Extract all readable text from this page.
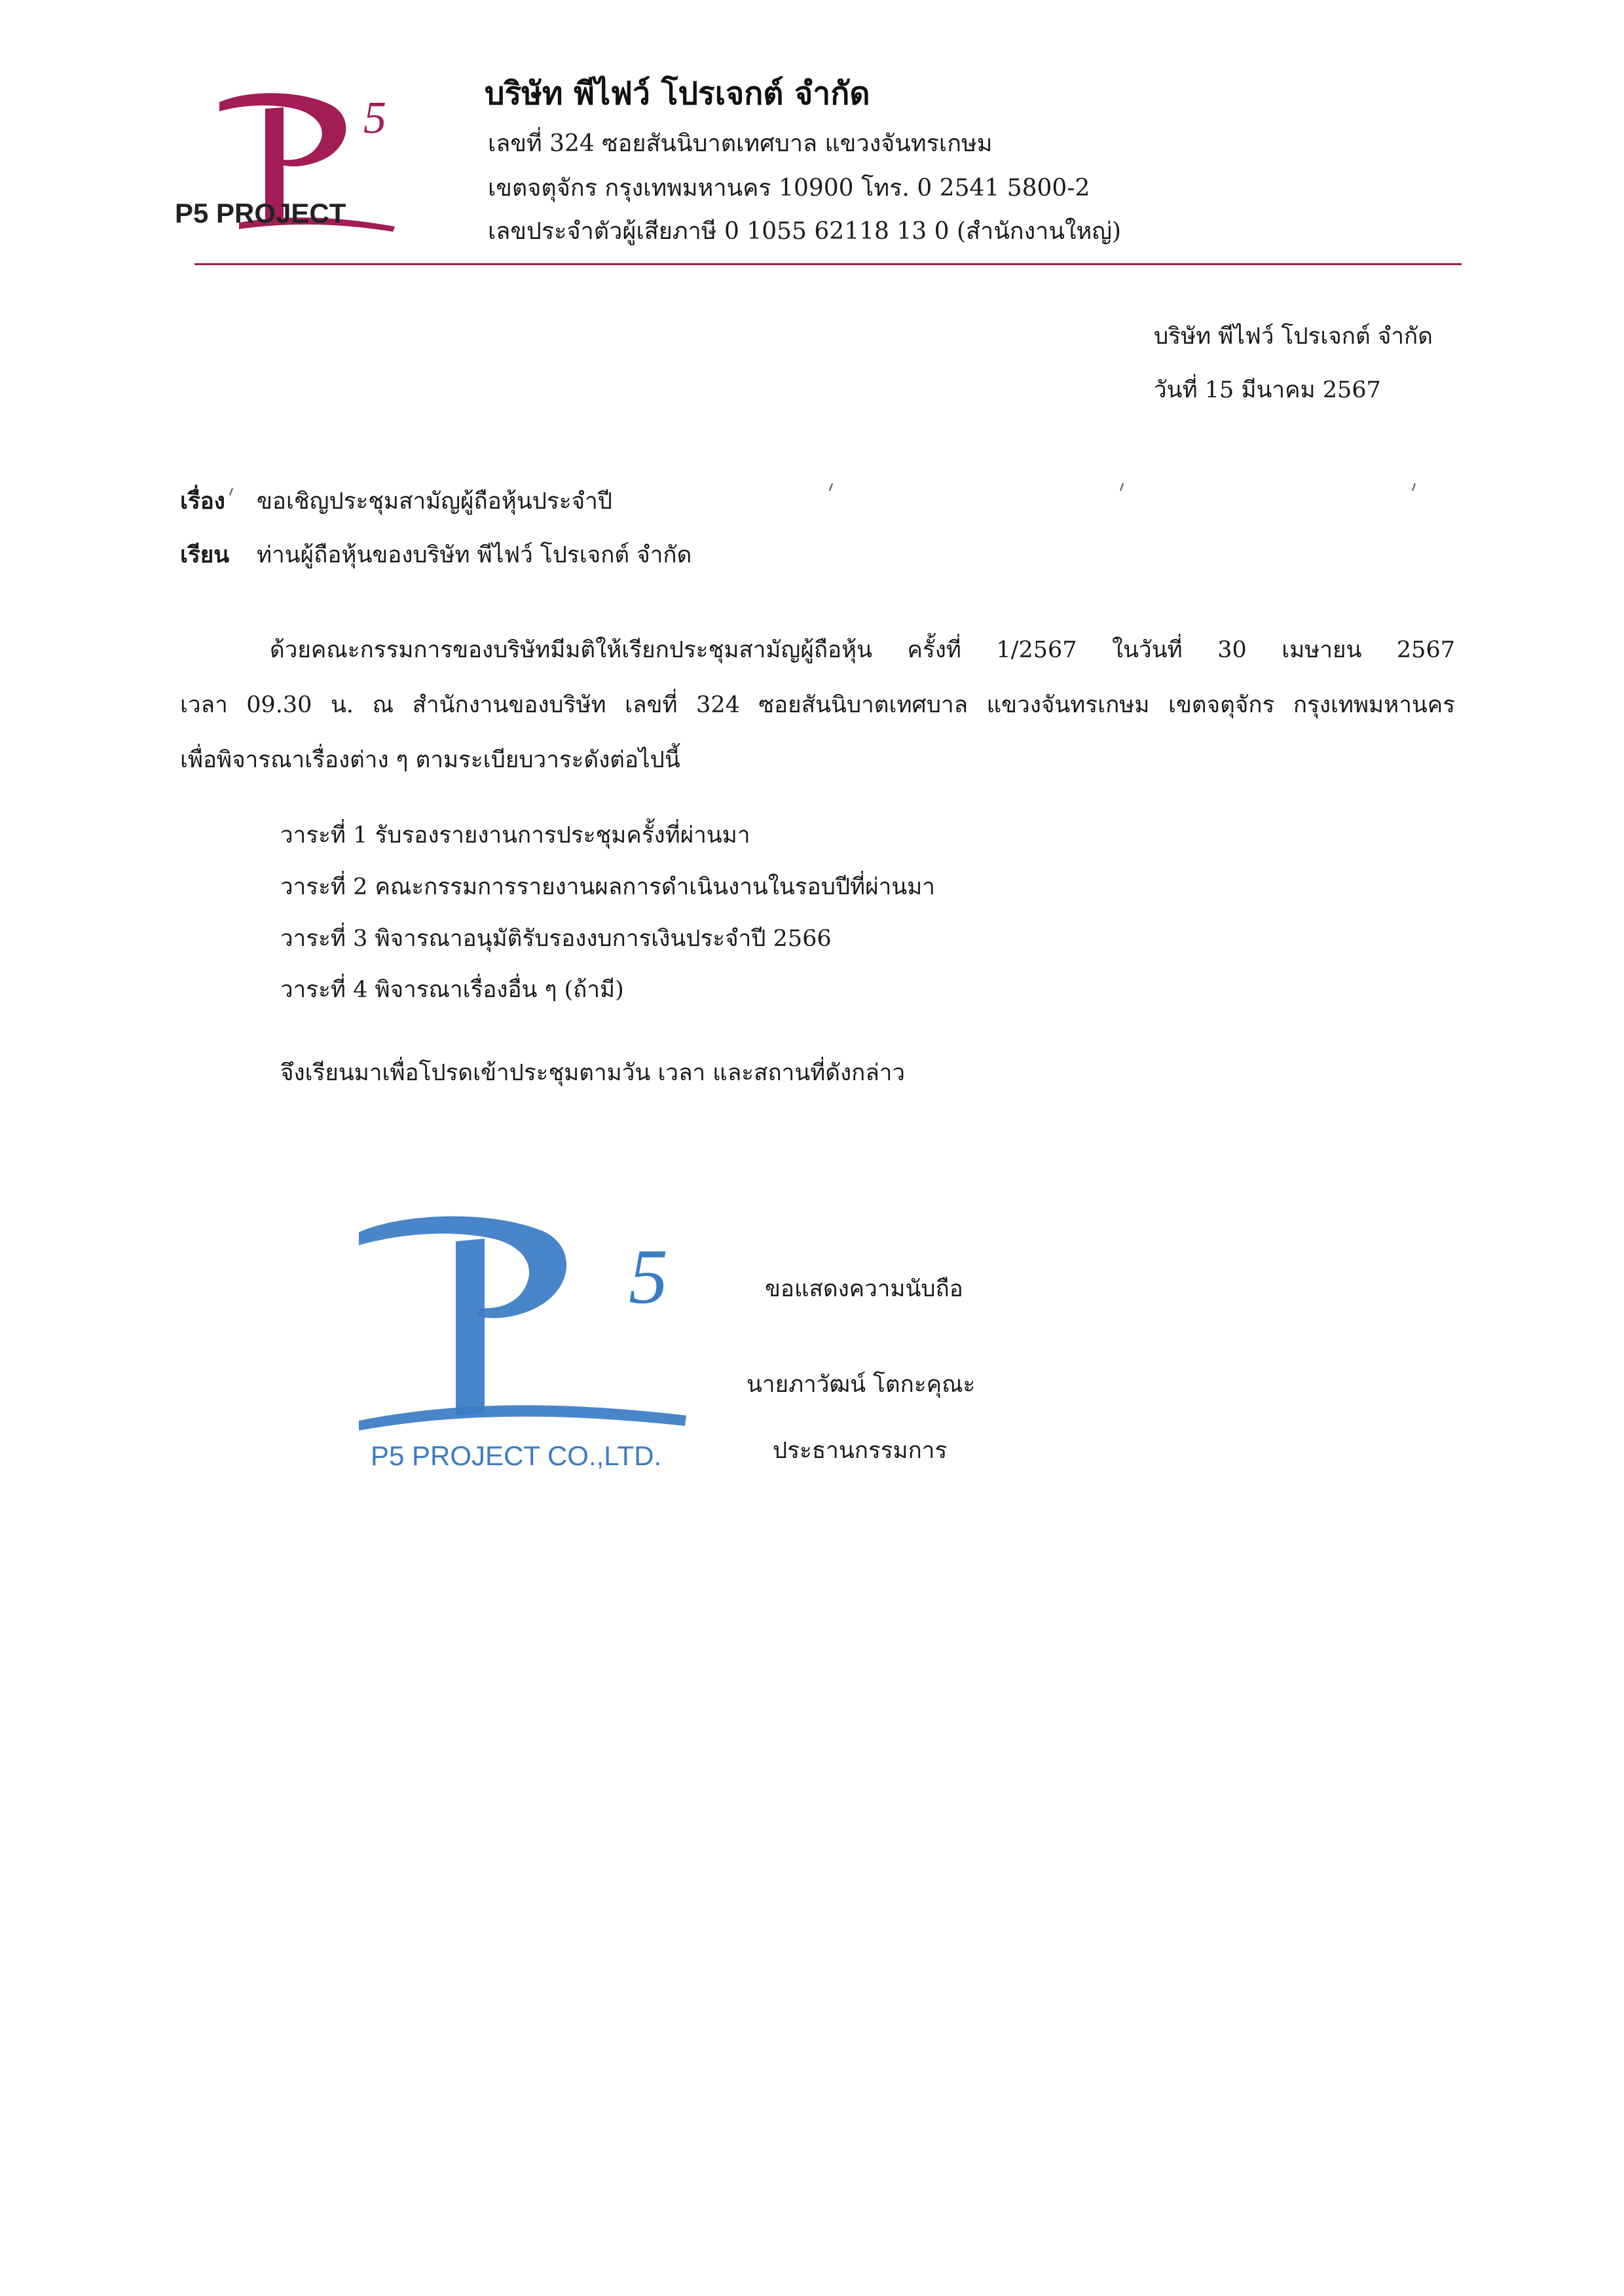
5
P5 PROJECT
บริษัท พีไฟว์ โปรเจกต์ จำกัด
เลขที่ 324 ซอยสันนิบาตเทศบาล แขวงจันทรเกษม
เขตจตุจักร กรุงเทพมหานคร 10900 โทร. 0 2541 5800-2
เลขประจำตัวผู้เสียภาษี 0 1055 62118 13 0 (สำนักงานใหญ่)
บริษัท พีไฟว์ โปรเจกต์ จำกัด
วันที่ 15 มีนาคม 2567
เรื่อง ขอเชิญประชุมสามัญผู้ถือหุ้นประจำปี
เรียน ท่านผู้ถือหุ้นของบริษัท พีไฟว์ โปรเจกต์ จำกัด
ด้วยคณะกรรมการของบริษัทมีมติให้เรียกประชุมสามัญผู้ถือหุ้น ครั้งที่ 1/2567 ในวันที่ 30 เมษายน 2567
เวลา 09.30 น. ณ สำนักงานของบริษัท เลขที่ 324 ซอยสันนิบาตเทศบาล แขวงจันทรเกษม เขตจตุจักร กรุงเทพมหานคร
เพื่อพิจารณาเรื่องต่าง ๆ ตามระเบียบวาระดังต่อไปนี้
วาระที่ 1 รับรองรายงานการประชุมครั้งที่ผ่านมา
วาระที่ 2 คณะกรรมการรายงานผลการดำเนินงานในรอบปีที่ผ่านมา
วาระที่ 3 พิจารณาอนุมัติรับรองงบการเงินประจำปี 2566
วาระที่ 4 พิจารณาเรื่องอื่น ๆ (ถ้ามี)
จึงเรียนมาเพื่อโปรดเข้าประชุมตามวัน เวลา และสถานที่ดังกล่าว
5
P5 PROJECT CO.,LTD.
ขอแสดงความนับถือ
นายภาวัฒน์ โตกะคุณะ
ประธานกรรมการ
